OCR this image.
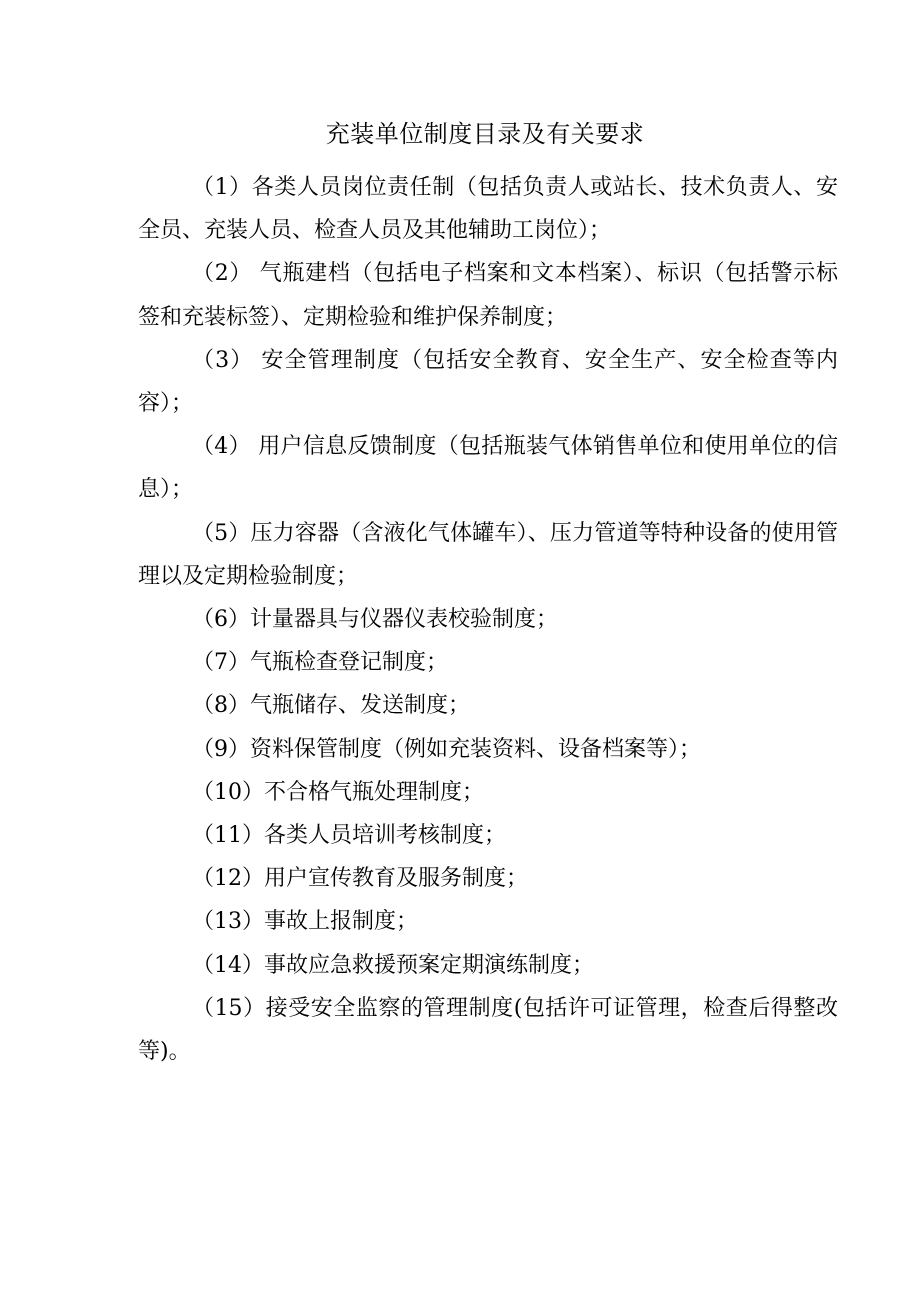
充装单位制度目录及有关要求

（1）各类人员岗位责任制（包括负责人或站长、技术负责人、安全员、充装人员、检查人员及其他辅助工岗位）；

（2） 气瓶建档（包括电子档案和文本档案）、标识（包括警示标签和充装标签）、定期检验和维护保养制度；

（3） 安全管理制度（包括安全教育、安全生产、安全检查等内容）；

（4） 用户信息反馈制度（包括瓶装气体销售单位和使用单位的信息）；

（5）压力容器（含液化气体罐车）、压力管道等特种设备的使用管理以及定期检验制度；

（6）计量器具与仪器仪表校验制度；

（7）气瓶检查登记制度；

（8）气瓶储存、发送制度；

（9）资料保管制度（例如充装资料、设备档案等）；

（10）不合格气瓶处理制度；

（11）各类人员培训考核制度；

（12）用户宣传教育及服务制度；

（13）事故上报制度；

（14）事故应急救援预案定期演练制度；

（15）接受安全监察的管理制度(包括许可证管理，检查后得整改等)。
